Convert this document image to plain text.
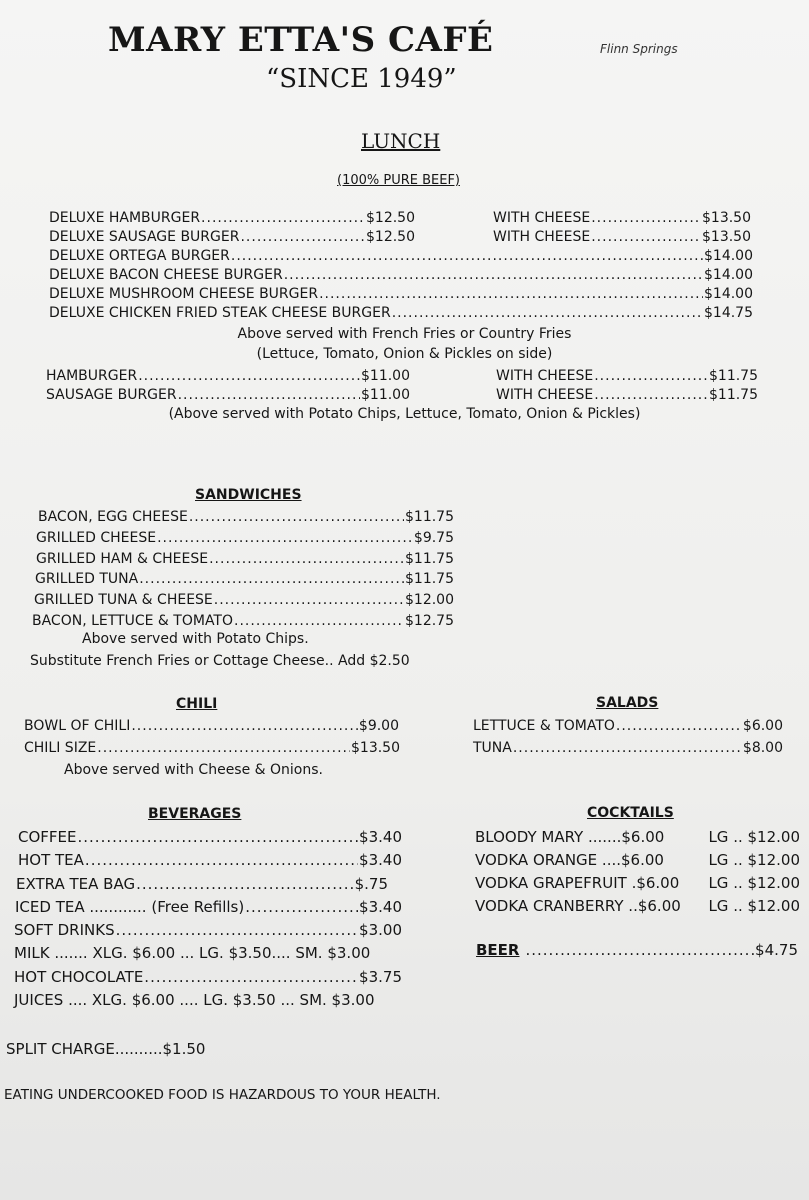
MARY ETTA'S CAFÉ	Flinn Springs
“SINCE 1949”
LUNCH
(100% PURE BEEF)
DELUXE HAMBURGER .....	$12.50	WITH CHEESE .....	$13.50
DELUXE SAUSAGE BURGER .....	$12.50	WITH CHEESE .....	$13.50
DELUXE ORTEGA BURGER .....	$14.00
DELUXE BACON CHEESE BURGER .....	$14.00
DELUXE MUSHROOM CHEESE BURGER .....	$14.00
DELUXE CHICKEN FRIED STEAK CHEESE BURGER .....	$14.75
Above served with French Fries or Country Fries
(Lettuce, Tomato, Onion & Pickles on side)
HAMBURGER .....	$11.00	WITH CHEESE .....	$11.75
SAUSAGE BURGER .....	$11.00	WITH CHEESE .....	$11.75
(Above served with Potato Chips, Lettuce, Tomato, Onion & Pickles)
SANDWICHES
BACON, EGG CHEESE .....	$11.75
GRILLED CHEESE .....	$9.75
GRILLED HAM & CHEESE .....	$11.75
GRILLED TUNA .....	$11.75
GRILLED TUNA & CHEESE .....	$12.00
BACON, LETTUCE & TOMATO .....	$12.75
Above served with Potato Chips.
Substitute French Fries or Cottage Cheese.. Add $2.50
CHILI
BOWL OF CHILI .....	$9.00
CHILI SIZE .....	$13.50
Above served with Cheese & Onions.
SALADS
LETTUCE & TOMATO .....	$6.00
TUNA .....	$8.00
BEVERAGES
COFFEE .....	$3.40
HOT TEA .....	$3.40
EXTRA TEA BAG .....	$.75
ICED TEA ............ (Free Refills) .....	$3.40
SOFT DRINKS .....	$3.00
MILK ....... XLG. $6.00 ... LG. $3.50.... SM. $3.00
HOT CHOCOLATE .....	$3.75
JUICES .... XLG. $6.00 .... LG. $3.50 ... SM. $3.00
COCKTAILS
BLOODY MARY .......$6.00	LG .. $12.00
VODKA ORANGE ....$6.00	LG .. $12.00
VODKA GRAPEFRUIT .$6.00 LG .. $12.00
VODKA CRANBERRY ..$6.00 LG .. $12.00
BEER .....	$4.75
SPLIT CHARGE..........$1.50
EATING UNDERCOOKED FOOD IS HAZARDOUS TO YOUR HEALTH.
